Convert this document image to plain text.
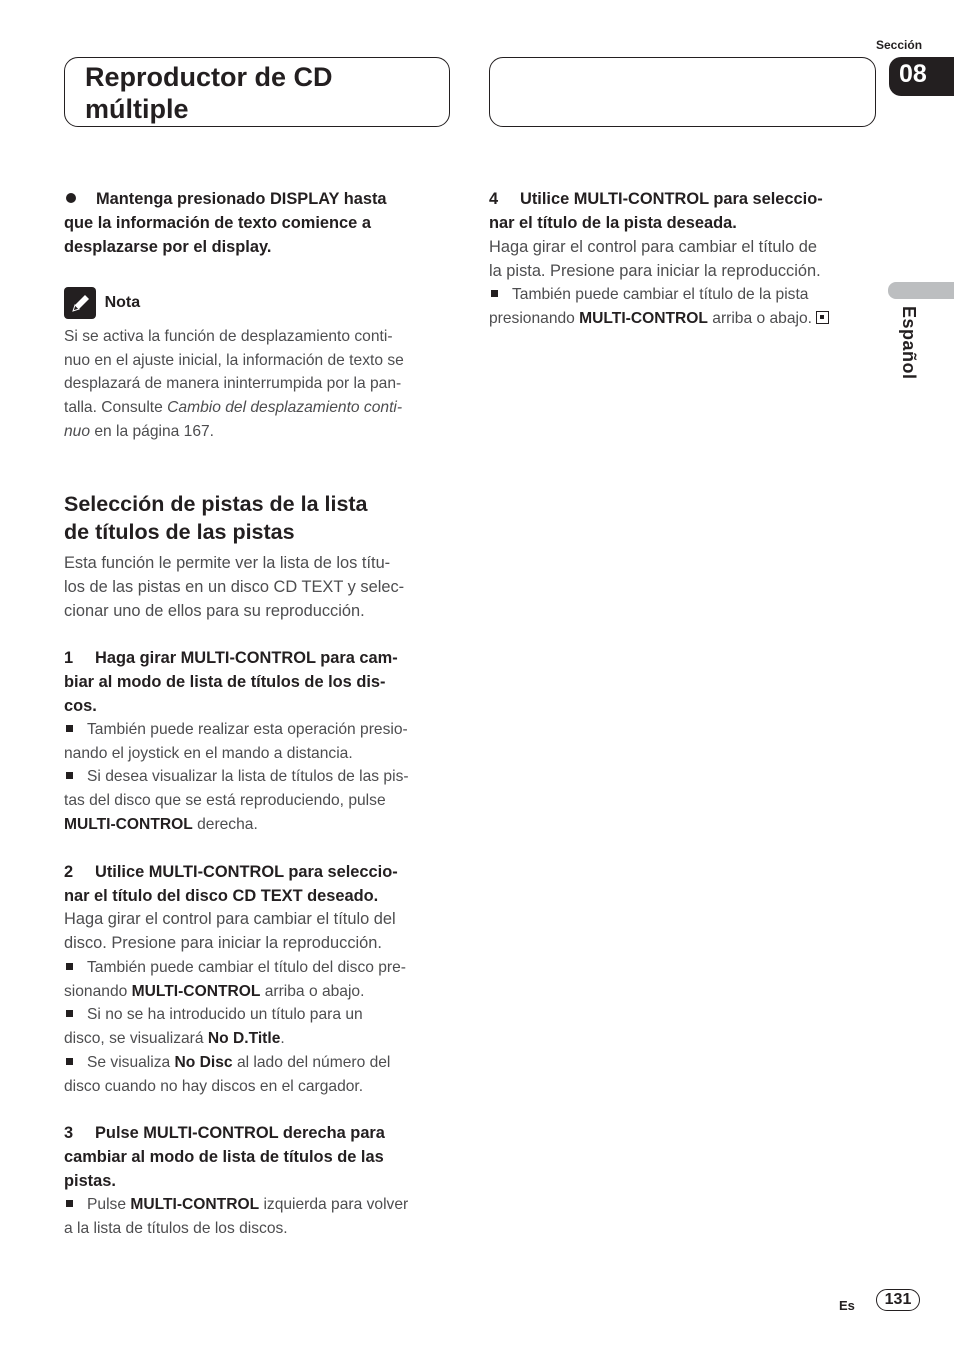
Reproductor de CD
múltiple
Sección
08
Español
Mantenga presionado DISPLAY hasta
que la información de texto comience a
desplazarse por el display.
Nota
Si se activa la función de desplazamiento conti-
nuo en el ajuste inicial, la información de texto se
desplazará de manera ininterrumpida por la pan-
talla. Consulte Cambio del desplazamiento conti-
nuo en la página 167.
Selección de pistas de la lista
de títulos de las pistas
Esta función le permite ver la lista de los títu-
los de las pistas en un disco CD TEXT y selec-
cionar uno de ellos para su reproducción.
1 Haga girar MULTI-CONTROL para cam-
biar al modo de lista de títulos de los dis-
cos.
También puede realizar esta operación presio-
nando el joystick en el mando a distancia.
Si desea visualizar la lista de títulos de las pis-
tas del disco que se está reproduciendo, pulse
MULTI-CONTROL derecha.
2 Utilice MULTI-CONTROL para seleccio-
nar el título del disco CD TEXT deseado.
Haga girar el control para cambiar el título del
disco. Presione para iniciar la reproducción.
También puede cambiar el título del disco pre-
sionando MULTI-CONTROL arriba o abajo.
Si no se ha introducido un título para un
disco, se visualizará No D.Title.
Se visualiza No Disc al lado del número del
disco cuando no hay discos en el cargador.
3 Pulse MULTI-CONTROL derecha para
cambiar al modo de lista de títulos de las
pistas.
Pulse MULTI-CONTROL izquierda para volver
a la lista de títulos de los discos.
4 Utilice MULTI-CONTROL para seleccio-
nar el título de la pista deseada.
Haga girar el control para cambiar el título de
la pista. Presione para iniciar la reproducción.
También puede cambiar el título de la pista
presionando MULTI-CONTROL arriba o abajo.
Es	131
